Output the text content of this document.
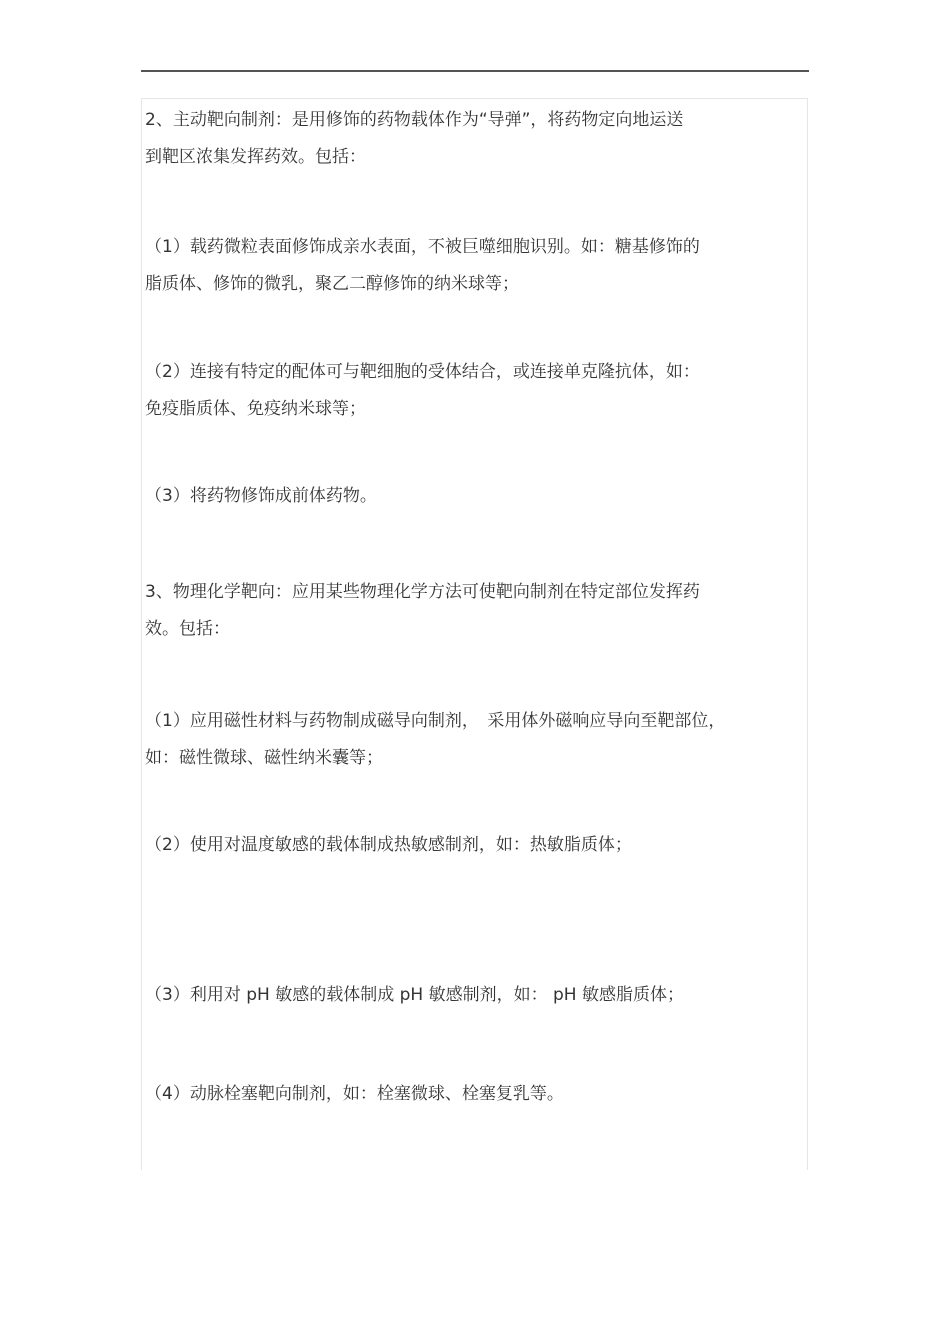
2、主动靶向制剂：是用修饰的药物载体作为“导弹”，将药物定向地运送
到靶区浓集发挥药效。包括：

（1）载药微粒表面修饰成亲水表面，不被巨噬细胞识别。如：糖基修饰的
脂质体、修饰的微乳，聚乙二醇修饰的纳米球等；

（2）连接有特定的配体可与靶细胞的受体结合，或连接单克隆抗体，如：
免疫脂质体、免疫纳米球等；

（3）将药物修饰成前体药物。

3、物理化学靶向：应用某些物理化学方法可使靶向制剂在特定部位发挥药
效。包括：

（1）应用磁性材料与药物制成磁导向制剂，　采用体外磁响应导向至靶部位，
如：磁性微球、磁性纳米囊等；

（2）使用对温度敏感的载体制成热敏感制剂，如：热敏脂质体；

（3）利用对 pH 敏感的载体制成 pH 敏感制剂，如： pH 敏感脂质体；

（4）动脉栓塞靶向制剂，如：栓塞微球、栓塞复乳等。
